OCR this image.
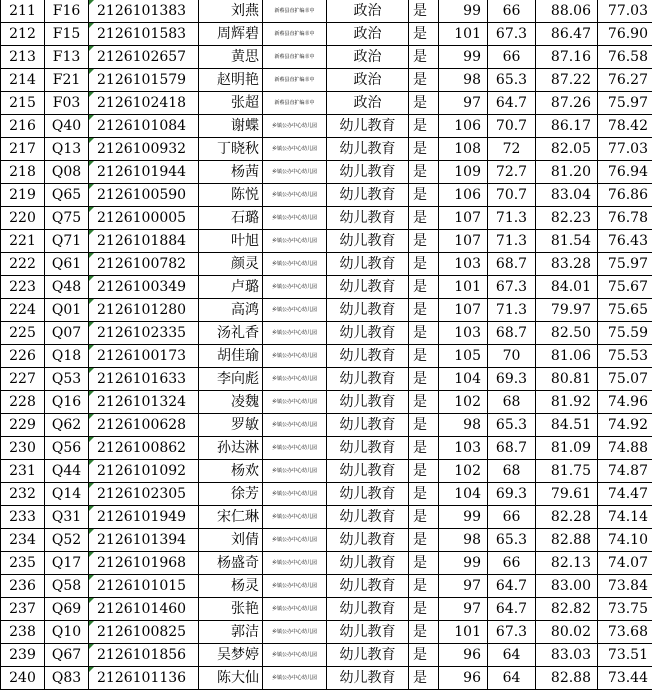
211	F16	2126101383	刘燕	新蔡县直扩编幸中	政治	是	99	66	88.06	77.03
212	F15	2126101583	周辉碧	新蔡县直扩编幸中	政治	是	101	67.3	86.47	76.90
213	F13	2126102657	黄思	新蔡县直扩编幸中	政治	是	99	66	87.16	76.58
214	F21	2126101579	赵明艳	新蔡县直扩编幸中	政治	是	98	65.3	87.22	76.27
215	F03	2126102418	张超	新蔡县直扩编幸中	政治	是	97	64.7	87.26	75.97
216	Q40	2126101084	谢蝶	乡镇公办中心幼儿园	幼儿教育	是	106	70.7	86.17	78.42
217	Q13	2126100932	丁晓秋	乡镇公办中心幼儿园	幼儿教育	是	108	72	82.05	77.03
218	Q08	2126101944	杨茜	乡镇公办中心幼儿园	幼儿教育	是	109	72.7	81.20	76.94
219	Q65	2126100590	陈悦	乡镇公办中心幼儿园	幼儿教育	是	106	70.7	83.04	76.86
220	Q75	2126100005	石璐	乡镇公办中心幼儿园	幼儿教育	是	107	71.3	82.23	76.78
221	Q71	2126101884	叶旭	乡镇公办中心幼儿园	幼儿教育	是	107	71.3	81.54	76.43
222	Q61	2126100782	颜灵	乡镇公办中心幼儿园	幼儿教育	是	103	68.7	83.28	75.97
223	Q48	2126100349	卢璐	乡镇公办中心幼儿园	幼儿教育	是	101	67.3	84.01	75.67
224	Q01	2126101280	高鸿	乡镇公办中心幼儿园	幼儿教育	是	107	71.3	79.97	75.65
225	Q07	2126102335	汤礼香	乡镇公办中心幼儿园	幼儿教育	是	103	68.7	82.50	75.59
226	Q18	2126100173	胡佳瑜	乡镇公办中心幼儿园	幼儿教育	是	105	70	81.06	75.53
227	Q53	2126101633	李向彪	乡镇公办中心幼儿园	幼儿教育	是	104	69.3	80.81	75.07
228	Q16	2126101324	凌魏	乡镇公办中心幼儿园	幼儿教育	是	102	68	81.92	74.96
229	Q62	2126100628	罗敏	乡镇公办中心幼儿园	幼儿教育	是	98	65.3	84.51	74.92
230	Q56	2126100862	孙达淋	乡镇公办中心幼儿园	幼儿教育	是	103	68.7	81.09	74.88
231	Q44	2126101092	杨欢	乡镇公办中心幼儿园	幼儿教育	是	102	68	81.75	74.87
232	Q14	2126102305	徐芳	乡镇公办中心幼儿园	幼儿教育	是	104	69.3	79.61	74.47
233	Q31	2126101949	宋仁琳	乡镇公办中心幼儿园	幼儿教育	是	99	66	82.28	74.14
234	Q52	2126101394	刘倩	乡镇公办中心幼儿园	幼儿教育	是	98	65.3	82.88	74.10
235	Q17	2126101968	杨盛奇	乡镇公办中心幼儿园	幼儿教育	是	99	66	82.13	74.07
236	Q58	2126101015	杨灵	乡镇公办中心幼儿园	幼儿教育	是	97	64.7	83.00	73.84
237	Q69	2126101460	张艳	乡镇公办中心幼儿园	幼儿教育	是	97	64.7	82.82	73.75
238	Q10	2126100825	郭洁	乡镇公办中心幼儿园	幼儿教育	是	101	67.3	80.02	73.68
239	Q67	2126101856	吴梦婷	乡镇公办中心幼儿园	幼儿教育	是	96	64	83.03	73.51
240	Q83	2126101136	陈大仙	乡镇公办中心幼儿园	幼儿教育	是	96	64	82.88	73.44
